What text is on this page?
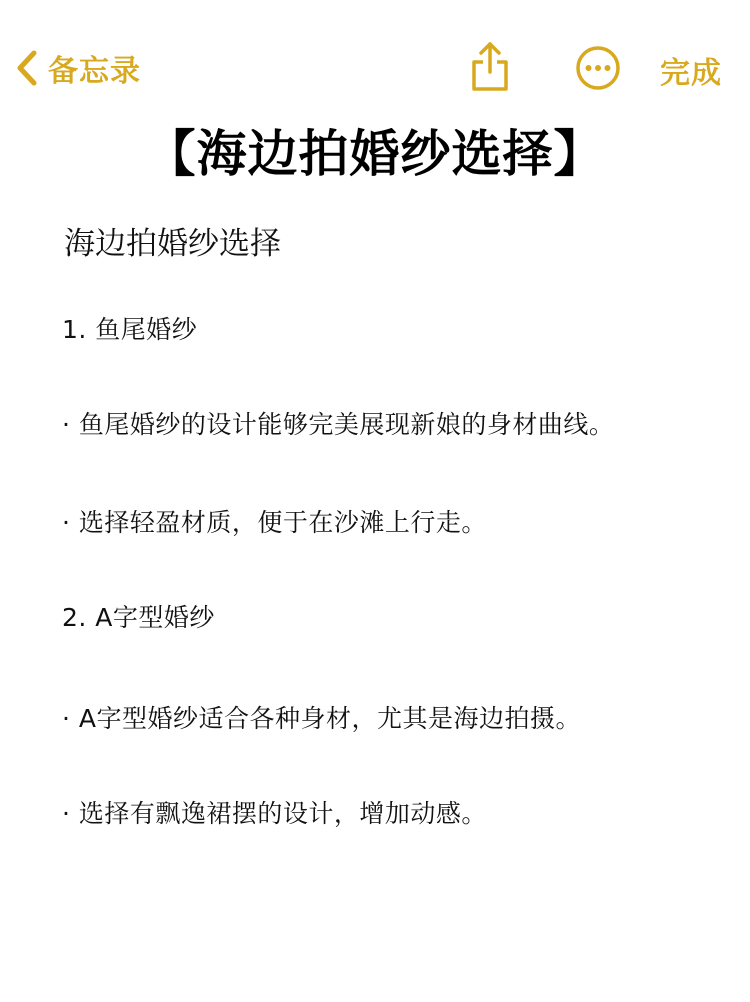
备忘录	完成
【海边拍婚纱选择】
海边拍婚纱选择
1. 鱼尾婚纱
· 鱼尾婚纱的设计能够完美展现新娘的身材曲线。
· 选择轻盈材质，便于在沙滩上行走。
2. A字型婚纱
· A字型婚纱适合各种身材，尤其是海边拍摄。
· 选择有飘逸裙摆的设计，增加动感。
